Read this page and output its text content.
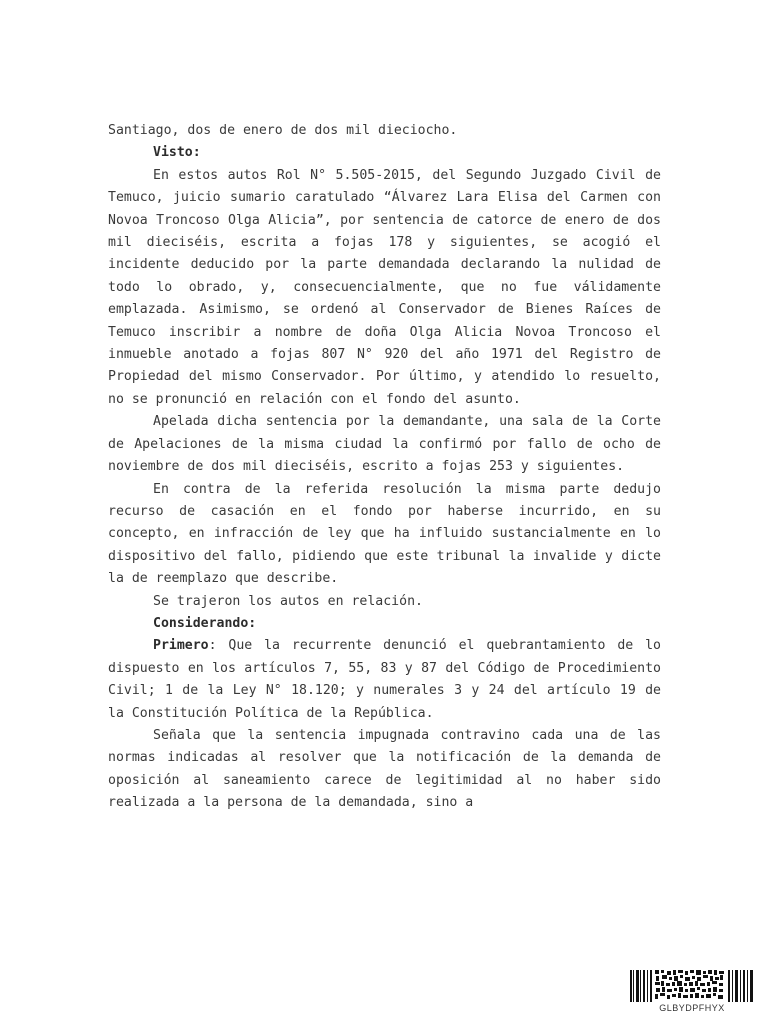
Santiago, dos de enero de dos mil dieciocho.

Visto:

En estos autos Rol N° 5.505-2015, del Segundo Juzgado Civil de Temuco, juicio sumario caratulado “Álvarez Lara Elisa del Carmen con Novoa Troncoso Olga Alicia”, por sentencia de catorce de enero de dos mil dieciséis, escrita a fojas 178 y siguientes, se acogió el incidente deducido por la parte demandada declarando la nulidad de todo lo obrado, y, consecuencialmente, que no fue válidamente emplazada. Asimismo, se ordenó al Conservador de Bienes Raíces de Temuco inscribir a nombre de doña Olga Alicia Novoa Troncoso el inmueble anotado a fojas 807 N° 920 del año 1971 del Registro de Propiedad del mismo Conservador. Por último, y atendido lo resuelto, no se pronunció en relación con el fondo del asunto.

Apelada dicha sentencia por la demandante, una sala de la Corte de Apelaciones de la misma ciudad la confirmó por fallo de ocho de noviembre de dos mil dieciséis, escrito a fojas 253 y siguientes.

En contra de la referida resolución la misma parte dedujo recurso de casación en el fondo por haberse incurrido, en su concepto, en infracción de ley que ha influido sustancialmente en lo dispositivo del fallo, pidiendo que este tribunal la invalide y dicte la de reemplazo que describe.

Se trajeron los autos en relación.

Considerando:

Primero: Que la recurrente denunció el quebrantamiento de lo dispuesto en los artículos 7, 55, 83 y 87 del Código de Procedimiento Civil; 1 de la Ley N° 18.120; y numerales 3 y 24 del artículo 19 de la Constitución Política de la República.

Señala que la sentencia impugnada contravino cada una de las normas indicadas al resolver que la notificación de la demanda de oposición al saneamiento carece de legitimidad al no haber sido realizada a la persona de la demandada, sino a

GLBYDPFHYX
